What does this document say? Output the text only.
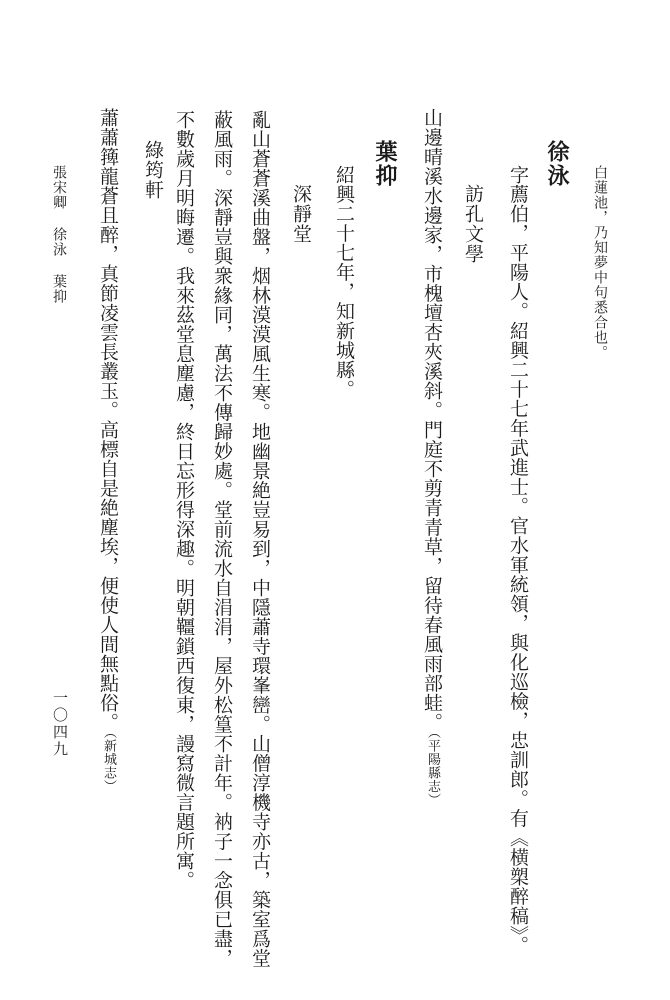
白蓮池，乃知夢中句悉合也。

徐泳

字薦伯，平陽人。紹興二十七年武進士。官水軍統領，與化巡檢，忠訓郎。有《横槊醉稿》。

訪孔文學

山邊晴溪水邊家，市槐壇杏夾溪斜。門庭不剪青青草，留待春風雨部蛙。（平陽縣志）

葉抑

紹興二十七年，知新城縣。

深靜堂

亂山蒼蒼溪曲盤，烟林漠漠風生寒。地幽景絶豈易到，中隱蕭寺環峯巒。山僧淳機寺亦古，築室爲堂

蔽風雨。深靜豈與衆緣同，萬法不傳歸妙處。堂前流水自涓涓，屋外松篁不計年。衲子一念俱已盡，

不數歲月明晦遷。我來茲堂息塵慮，終日忘形得深趣。明朝韁鎖西復東，謾寫微言題所寓。

綠筠軒

蕭蕭篺龍蒼且醉，真節凌雲長叢玉。高標自是絶塵埃，便使人間無點俗。（新城志）

張宋卿 徐泳 葉抑

一〇四九
